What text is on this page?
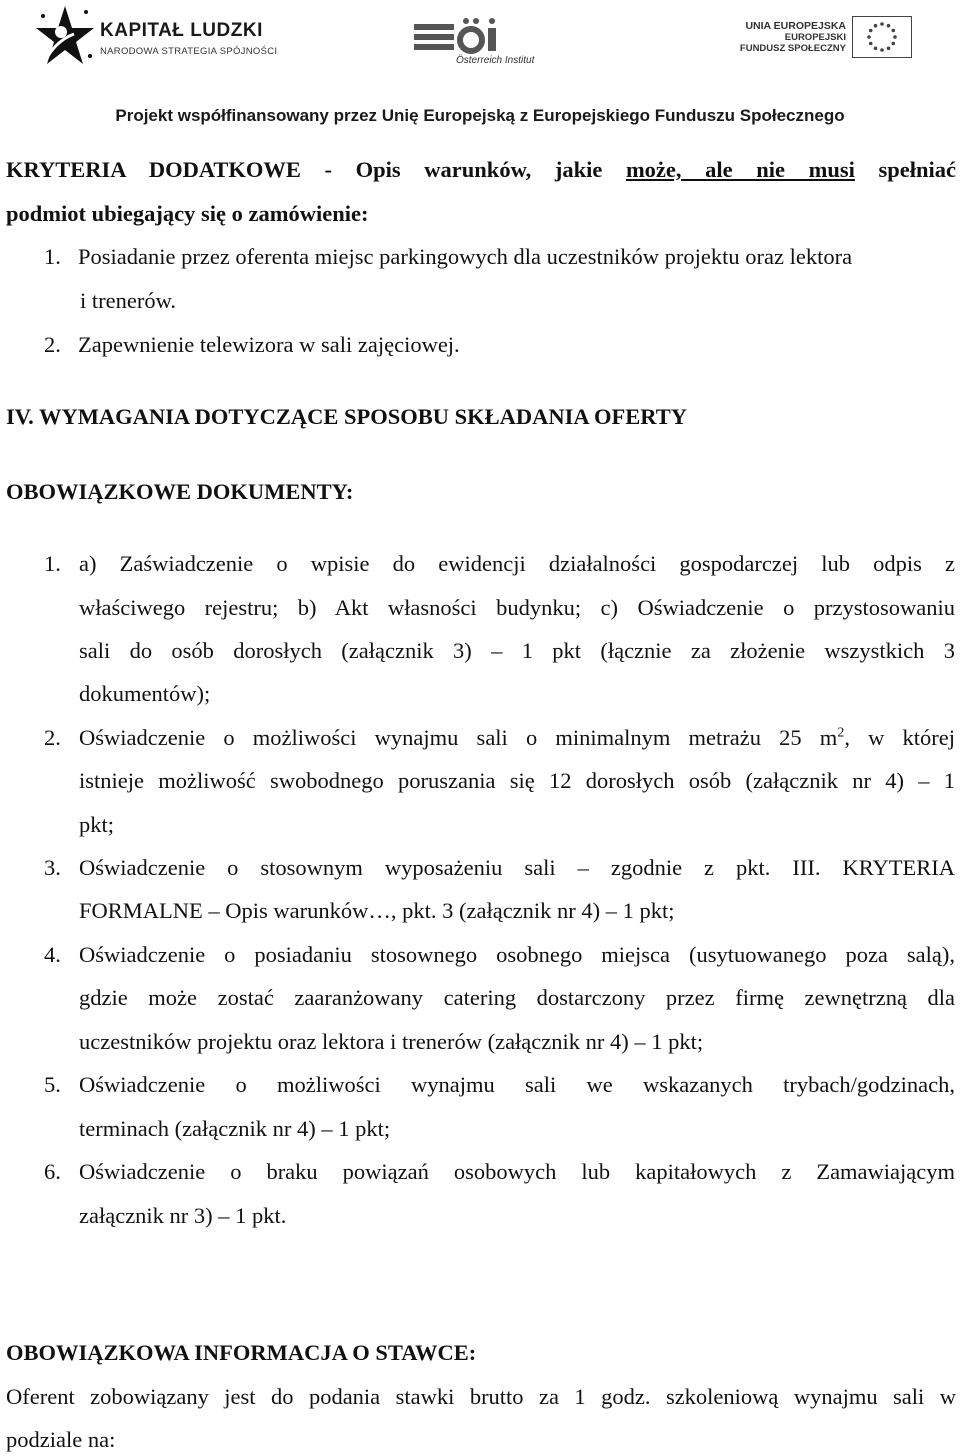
KAPITAŁ LUDZKI
NARODOWA STRATEGIA SPÓJNOŚCI
Österreich Institut
UNIA EUROPEJSKA
EUROPEJSKI
FUNDUSZ SPOŁECZNY
Projekt współfinansowany przez Unię Europejską z Europejskiego Funduszu Społecznego
KRYTERIA DODATKOWE - Opis warunków, jakie może, ale nie musi spełniać
podmiot ubiegający się o zamówienie:
1. Posiadanie przez oferenta miejsc parkingowych dla uczestników projektu oraz lektora
i trenerów.
2. Zapewnienie telewizora w sali zajęciowej.
IV. WYMAGANIA DOTYCZĄCE SPOSOBU SKŁADANIA OFERTY
OBOWIĄZKOWE DOKUMENTY:
1. a) Zaświadczenie o wpisie do ewidencji działalności gospodarczej lub odpis z
właściwego rejestru; b) Akt własności budynku; c) Oświadczenie o przystosowaniu
sali do osób dorosłych (załącznik 3) – 1 pkt (łącznie za złożenie wszystkich 3
dokumentów);
2. Oświadczenie o możliwości wynajmu sali o minimalnym metrażu 25 $m^2$, w której
istnieje możliwość swobodnego poruszania się 12 dorosłych osób (załącznik nr 4) – 1
pkt;
3. Oświadczenie o stosownym wyposażeniu sali – zgodnie z pkt. III. KRYTERIA
FORMALNE – Opis warunków…, pkt. 3 (załącznik nr 4) – 1 pkt;
4. Oświadczenie o posiadaniu stosownego osobnego miejsca (usytuowanego poza salą),
gdzie może zostać zaaranżowany catering dostarczony przez firmę zewnętrzną dla
uczestników projektu oraz lektora i trenerów (załącznik nr 4) – 1 pkt;
5. Oświadczenie o możliwości wynajmu sali we wskazanych trybach/godzinach,
terminach (załącznik nr 4) – 1 pkt;
6. Oświadczenie o braku powiązań osobowych lub kapitałowych z Zamawiającym
załącznik nr 3) – 1 pkt.
OBOWIĄZKOWA INFORMACJA O STAWCE:
Oferent zobowiązany jest do podania stawki brutto za 1 godz. szkoleniową wynajmu sali w
podziale na:
